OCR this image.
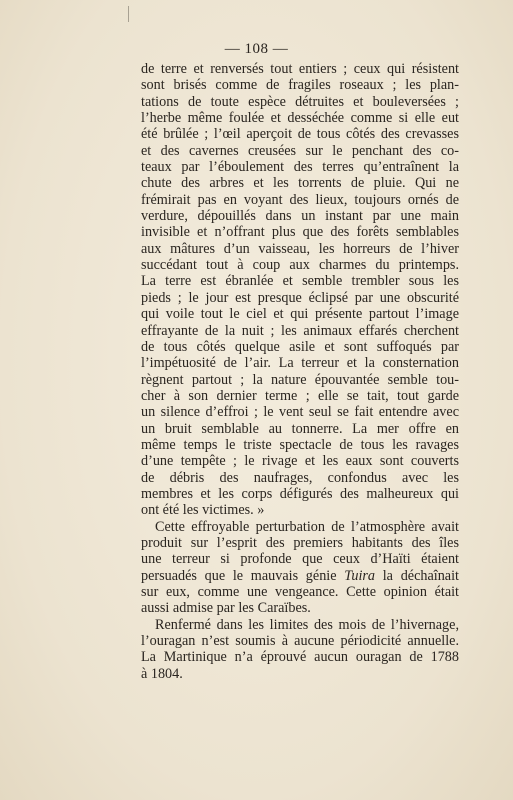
— 108 —
de terre et renversés tout entiers ; ceux qui résistent
sont brisés comme de fragiles roseaux ; les plan-
tations de toute espèce détruites et bouleversées ;
l’herbe même foulée et desséchée comme si elle eut
été brûlée ; l’œil aperçoit de tous côtés des crevasses
et des cavernes creusées sur le penchant des co-
teaux par l’éboulement des terres qu’entraînent la
chute des arbres et les torrents de pluie. Qui ne
frémirait pas en voyant des lieux, toujours ornés de
verdure, dépouillés dans un instant par une main
invisible et n’offrant plus que des forêts semblables
aux mâtures d’un vaisseau, les horreurs de l’hiver
succédant tout à coup aux charmes du printemps.
La terre est ébranlée et semble trembler sous les
pieds ; le jour est presque éclipsé par une obscurité
qui voile tout le ciel et qui présente partout l’image
effrayante de la nuit ; les animaux effarés cherchent
de tous côtés quelque asile et sont suffoqués par
l’impétuosité de l’air. La terreur et la consternation
règnent partout ; la nature épouvantée semble tou-
cher à son dernier terme ; elle se tait, tout garde
un silence d’effroi ; le vent seul se fait entendre avec
un bruit semblable au tonnerre. La mer offre en
même temps le triste spectacle de tous les ravages
d’une tempête ; le rivage et les eaux sont couverts
de débris des naufrages, confondus avec les
membres et les corps défigurés des malheureux qui
ont été les victimes. »
Cette effroyable perturbation de l’atmosphère avait
produit sur l’esprit des premiers habitants des îles
une terreur si profonde que ceux d’Haïti étaient
persuadés que le mauvais génie Tuira la déchaînait
sur eux, comme une vengeance. Cette opinion était
aussi admise par les Caraïbes.
Renfermé dans les limites des mois de l’hivernage,
l’ouragan n’est soumis à aucune périodicité annuelle.
La Martinique n’a éprouvé aucun ouragan de 1788
à 1804.
